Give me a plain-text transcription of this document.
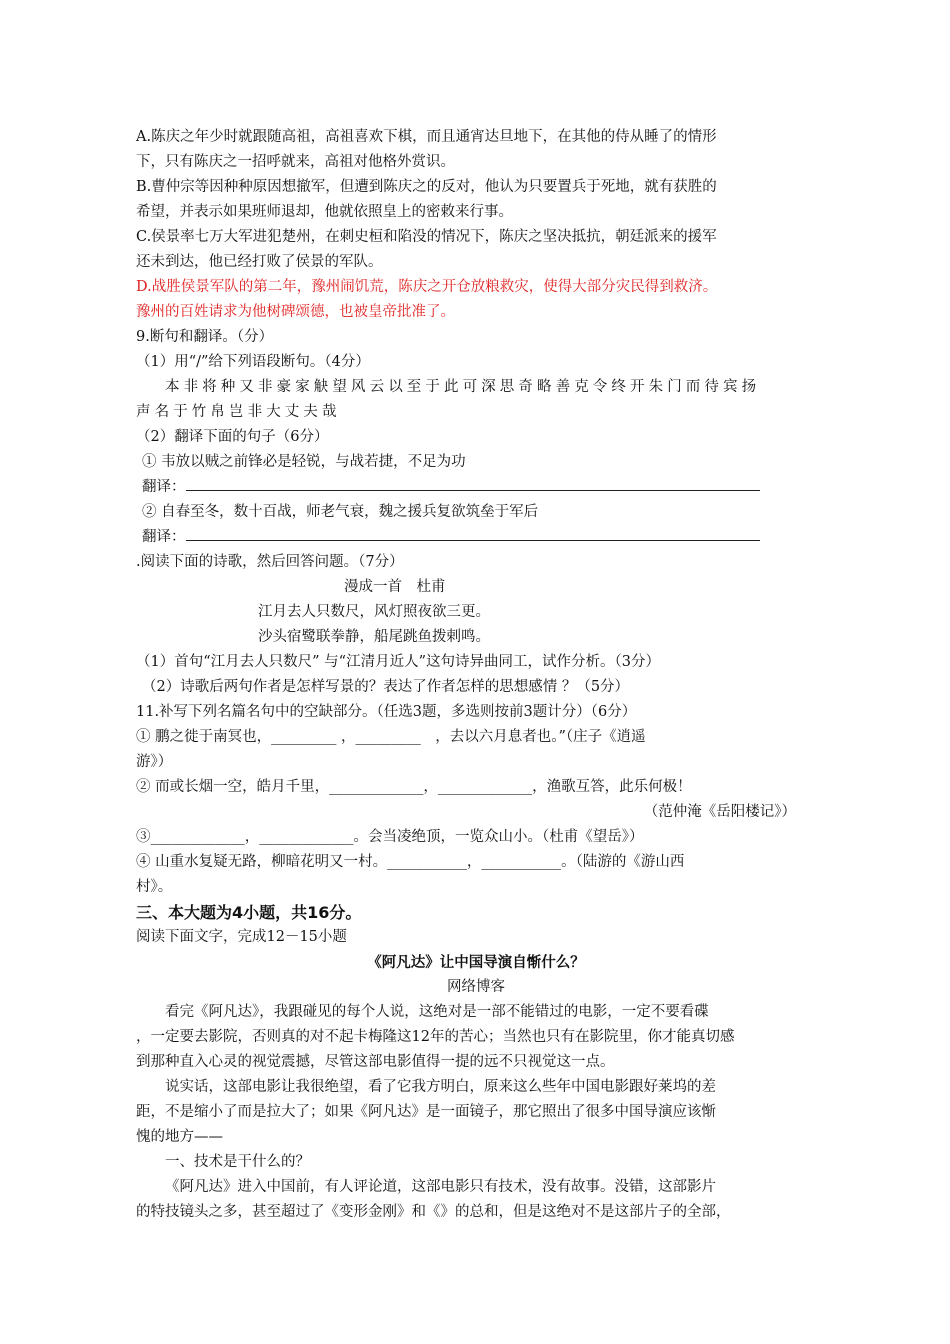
A.陈庆之年少时就跟随高祖，高祖喜欢下棋，而且通宵达旦地下，在其他的侍从睡了的情形
下，只有陈庆之一招呼就来，高祖对他格外赏识。
B.曹仲宗等因种种原因想撤军，但遭到陈庆之的反对，他认为只要置兵于死地，就有获胜的
希望，并表示如果班师退却，他就依照皇上的密敕来行事。
C.侯景率七万大军进犯楚州，在刺史桓和陷没的情况下，陈庆之坚决抵抗，朝廷派来的援军
还未到达，他已经打败了侯景的军队。
D.战胜侯景军队的第二年，豫州闹饥荒，陈庆之开仓放粮救灾，使得大部分灾民得到救济。
豫州的百姓请求为他树碑颂德，也被皇帝批准了。
9.断句和翻译。（分）
（1）用“/”给下列语段断句。（4分）
本非将种又非豪家觖望风云以至于此可深思奇略善克令终开朱门而待宾扬
声名于竹帛岂非大丈夫哉
（2）翻译下面的句子（6分）
① 韦放以贼之前锋必是轻锐，与战若捷，不足为功
翻译：
② 自春至冬，数十百战，师老气衰，魏之援兵复欲筑垒于军后
翻译：
.阅读下面的诗歌，然后回答问题。（7分）
漫成一首　杜甫
江月去人只数尺，风灯照夜欲三更。
沙头宿鹭联拳静，船尾跳鱼拨剌鸣。
（1）首句“江月去人只数尺” 与“江清月近人”这句诗异曲同工，试作分析。（3分）
（2）诗歌后两句作者是怎样写景的？表达了作者怎样的思想感情 ？（5分）
11.补写下列名篇名句中的空缺部分。（任选3题，多选则按前3题计分）（6分）
① 鹏之徙于南冥也，_________ ，_________　，去以六月息者也。”（庄子《逍遥
游》）
② 而或长烟一空，皓月千里，_____________，_____________，渔歌互答，此乐何极！
（范仲淹《岳阳楼记》）
③_____________，_____________。会当凌绝顶，一览众山小。（杜甫《望岳》）
④ 山重水复疑无路，柳暗花明又一村。___________，___________。（陆游的《游山西
村》。
三、本大题为4小题，共16分。
阅读下面文字，完成12－15小题
《阿凡达》让中国导演自惭什么？
网络博客
看完《阿凡达》，我跟碰见的每个人说，这绝对是一部不能错过的电影，一定不要看碟
，一定要去影院，否则真的对不起卡梅隆这12年的苦心；当然也只有在影院里，你才能真切感
到那种直入心灵的视觉震撼，尽管这部电影值得一提的远不只视觉这一点。
说实话，这部电影让我很绝望，看了它我方明白，原来这么些年中国电影跟好莱坞的差
距，不是缩小了而是拉大了；如果《阿凡达》是一面镜子，那它照出了很多中国导演应该惭
愧的地方——
一、技术是干什么的？
《阿凡达》进入中国前，有人评论道，这部电影只有技术，没有故事。没错，这部影片
的特技镜头之多，甚至超过了《变形金刚》和《》的总和，但是这绝对不是这部片子的全部，
